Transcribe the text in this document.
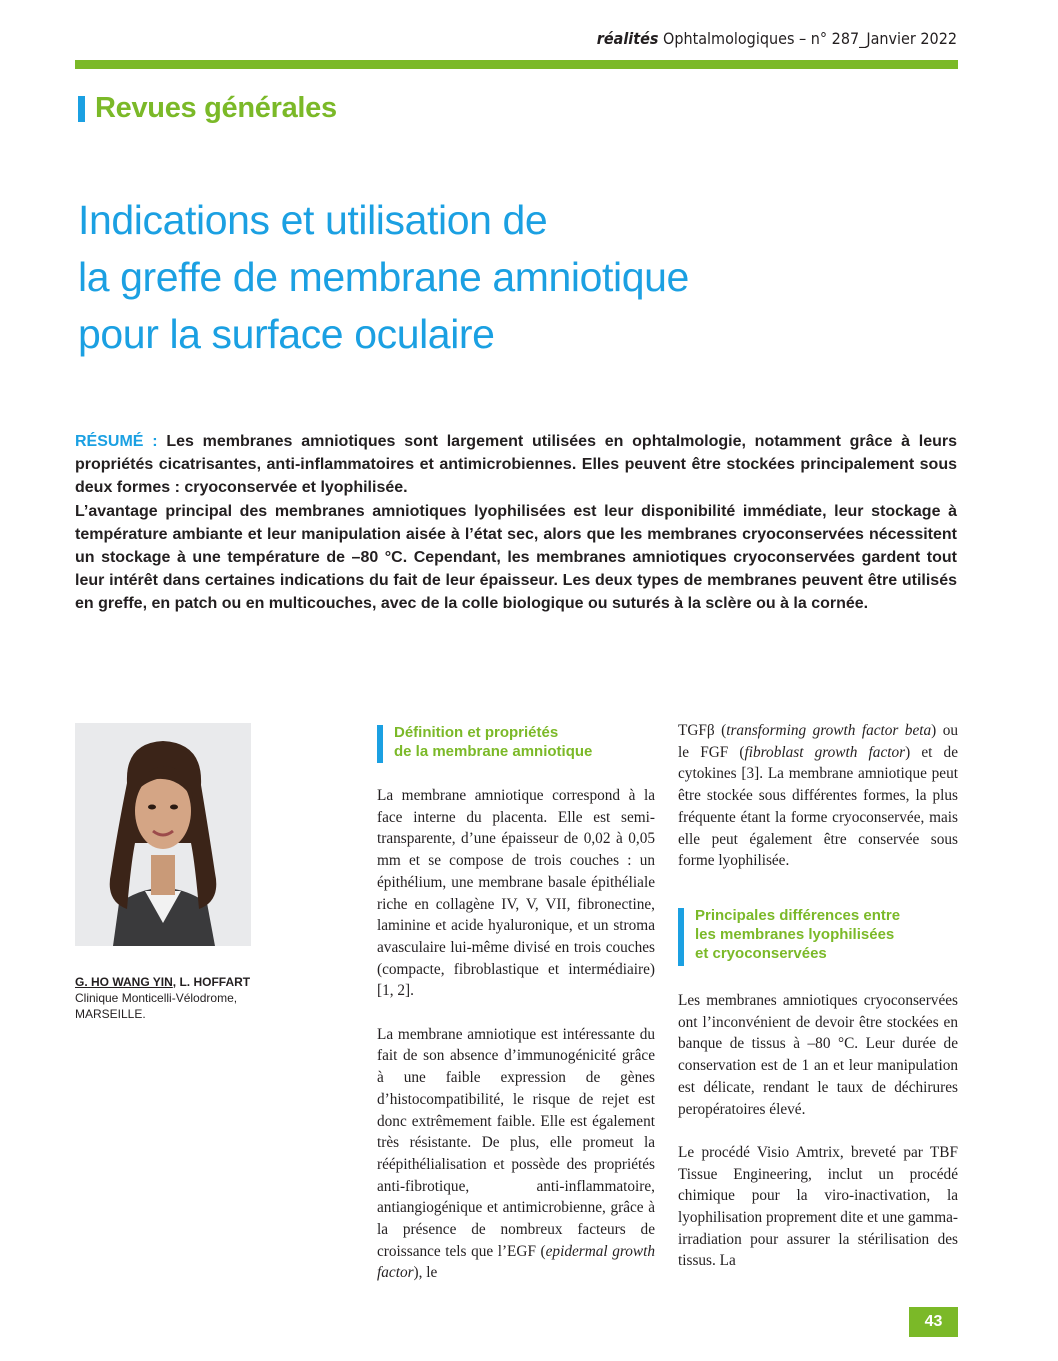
réalités Ophtalmologiques – n° 287_Janvier 2022
Revues générales
Indications et utilisation de
la greffe de membrane amniotique
pour la surface oculaire

RÉSUMÉ : Les membranes amniotiques sont largement utilisées en ophtalmologie, notamment grâce à leurs propriétés cicatrisantes, anti-inflammatoires et antimicrobiennes. Elles peuvent être stockées principalement sous deux formes : cryoconservée et lyophilisée.

L’avantage principal des membranes amniotiques lyophilisées est leur disponibilité immédiate, leur stockage à température ambiante et leur manipulation aisée à l’état sec, alors que les membranes cryoconservées nécessitent un stockage à une température de –80 °C. Cependant, les membranes amniotiques cryoconservées gardent tout leur intérêt dans certaines indications du fait de leur épaisseur. Les deux types de membranes peuvent être utilisés en greffe, en patch ou en multicouches, avec de la colle biologique ou suturés à la sclère ou à la cornée.

G. HO WANG YIN, L. HOFFART

Clinique Monticelli-Vélodrome,

MARSEILLE.

Définition et propriétés
de la membrane amniotique

La membrane amniotique correspond à la face interne du placenta. Elle est semi-transparente, d’une épaisseur de 0,02 à 0,05 mm et se compose de trois couches : un épithélium, une membrane basale épithéliale riche en collagène IV, V, VII, fibronectine, laminine et acide hyaluronique, et un stroma avasculaire lui-même divisé en trois couches (compacte, fibroblastique et intermédiaire) [1, 2].

La membrane amniotique est intéressante du fait de son absence d’immunogénicité grâce à une faible expression de gènes d’histocompatibilité, le risque de rejet est donc extrêmement faible. Elle est également très résistante. De plus, elle promeut la réépithélialisation et possède des propriétés anti-fibrotique, anti-inflammatoire, antiangiogénique et antimicrobienne, grâce à la présence de nombreux facteurs de croissance tels que l’EGF (epidermal growth factor), le

TGFβ (transforming growth factor beta) ou le FGF (fibroblast growth factor) et de cytokines [3]. La membrane amniotique peut être stockée sous différentes formes, la plus fréquente étant la forme cryoconservée, mais elle peut également être conservée sous forme lyophilisée.

Principales différences entre
les membranes lyophilisées
et cryoconservées

Les membranes amniotiques cryoconservées ont l’inconvénient de devoir être stockées en banque de tissus à –80 °C. Leur durée de conservation est de 1 an et leur manipulation est délicate, rendant le taux de déchirures peropératoires élevé.

Le procédé Visio Amtrix, breveté par TBF Tissue Engineering, inclut un procédé chimique pour la viro-inactivation, la lyophilisation proprement dite et une gamma-irradiation pour assurer la stérilisation des tissus. La

43
